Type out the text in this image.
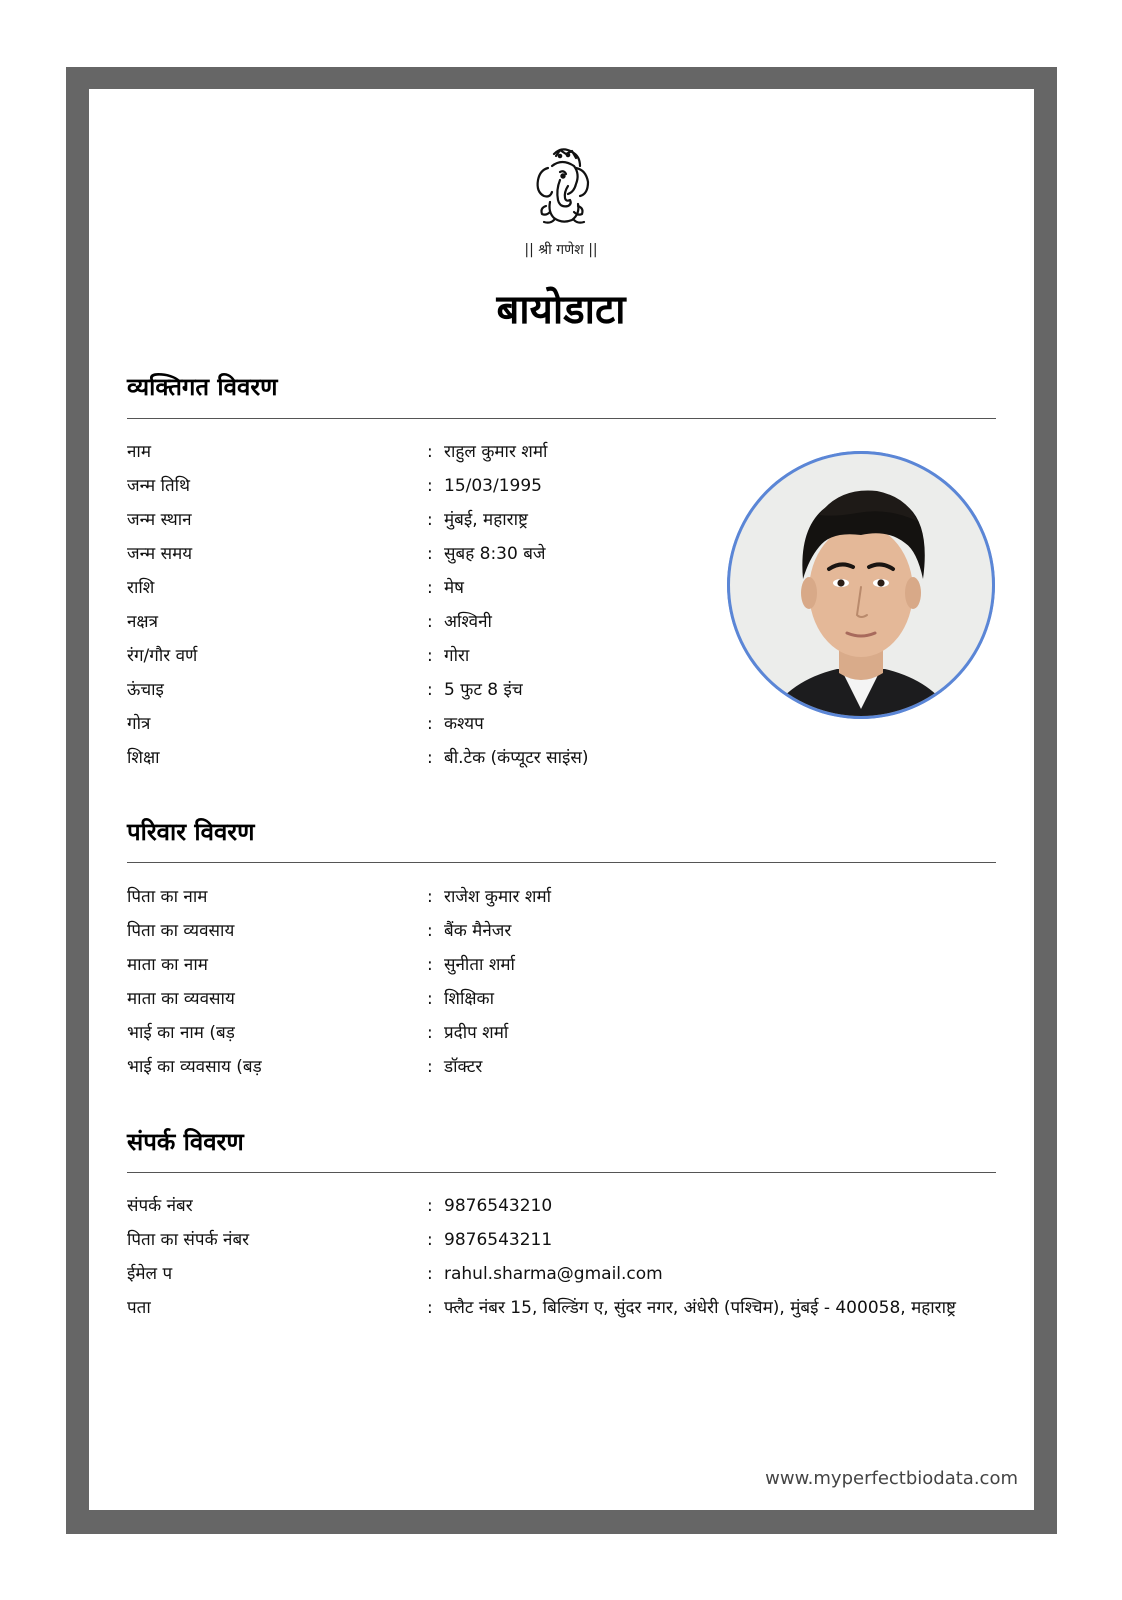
|| श्री गणेश ||
बायोडाटा
व्यक्तिगत विवरण
नाम	: राहुल कुमार शर्मा
जन्म तिथि	: 15/03/1995
जन्म स्थान	: मुंबई, महाराष्ट्र
जन्म समय	: सुबह 8:30 बजे
राशि	: मेष
नक्षत्र	: अश्विनी
रंग/गौर वर्ण	: गोरा
ऊंचाइ	: 5 फुट 8 इंच
गोत्र	: कश्यप
शिक्षा	: बी.टेक (कंप्यूटर साइंस)
परिवार विवरण
पिता का नाम	: राजेश कुमार शर्मा
पिता का व्यवसाय	: बैंक मैनेजर
माता का नाम	: सुनीता शर्मा
माता का व्यवसाय	: शिक्षिका
भाई का नाम (बड़	: प्रदीप शर्मा
भाई का व्यवसाय (बड़	: डॉक्टर
संपर्क विवरण
संपर्क नंबर	: 9876543210
पिता का संपर्क नंबर	: 9876543211
ईमेल प	: rahul.sharma@gmail.com
पता	: फ्लैट नंबर 15, बिल्डिंग ए, सुंदर नगर, अंधेरी (पश्चिम), मुंबई - 400058, महाराष्ट्र
www.myperfectbiodata.com
